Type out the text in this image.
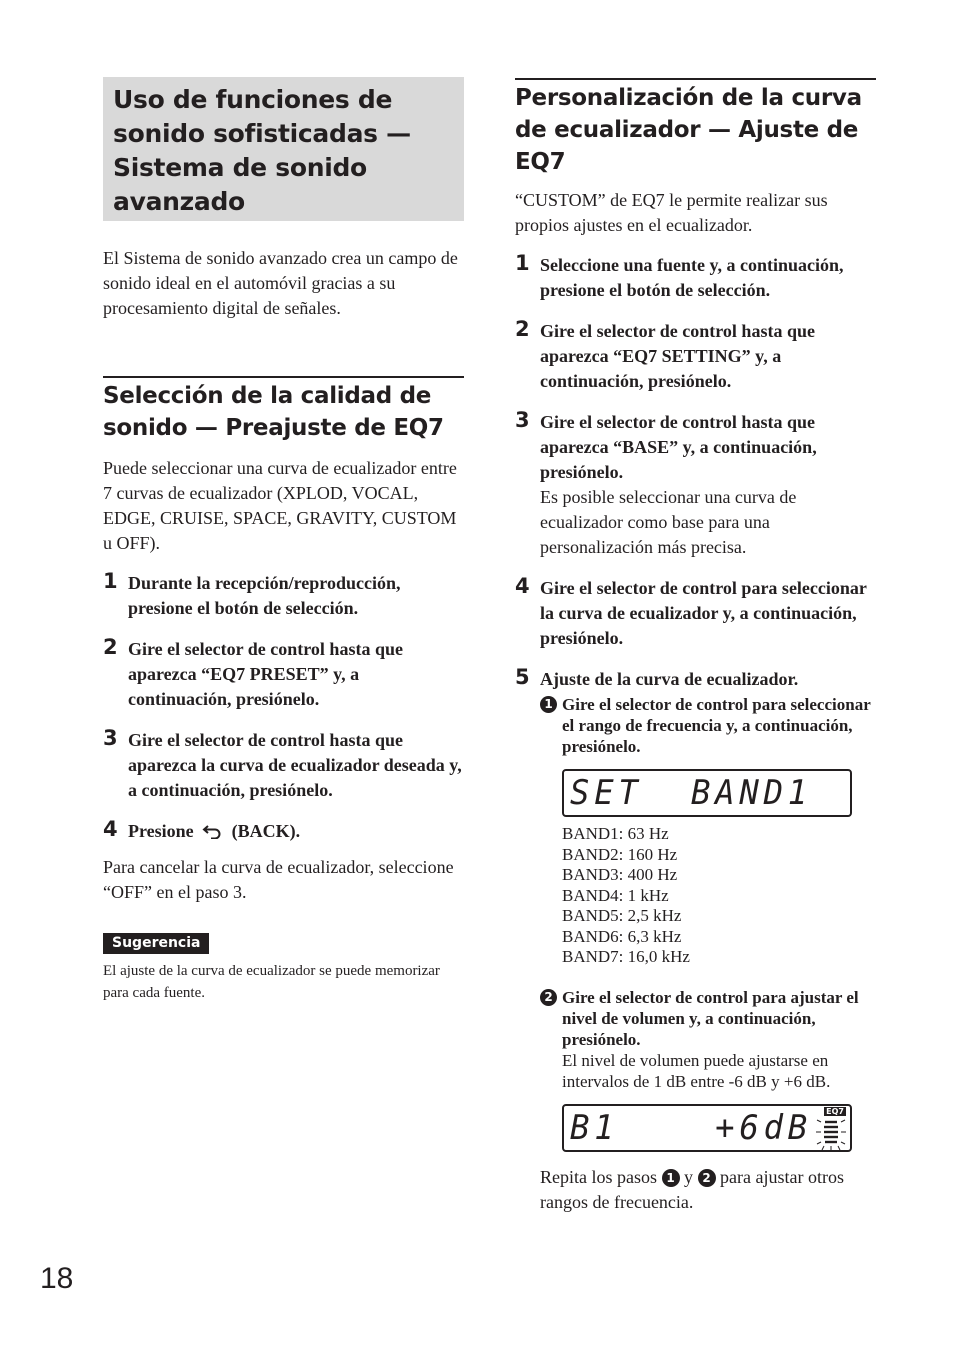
Uso de funciones de sonido sofisticadas — Sistema de sonido avanzado

El Sistema de sonido avanzado crea un campo de sonido ideal en el automóvil gracias a su procesamiento digital de señales.

Selección de la calidad de sonido — Preajuste de EQ7

Puede seleccionar una curva de ecualizador entre 7 curvas de ecualizador (XPLOD, VOCAL, EDGE, CRUISE, SPACE, GRAVITY, CUSTOM u OFF).

1 Durante la recepción/reproducción, presione el botón de selección.
2 Gire el selector de control hasta que aparezca “EQ7 PRESET” y, a continuación, presiónelo.
3 Gire el selector de control hasta que aparezca la curva de ecualizador deseada y, a continuación, presiónelo.
4 Presione (BACK).

Para cancelar la curva de ecualizador, seleccione “OFF” en el paso 3.

Sugerencia

El ajuste de la curva de ecualizador se puede memorizar para cada fuente.

Personalización de la curva de ecualizador — Ajuste de EQ7

“CUSTOM” de EQ7 le permite realizar sus propios ajustes en el ecualizador.

1 Seleccione una fuente y, a continuación, presione el botón de selección.
2 Gire el selector de control hasta que aparezca “EQ7 SETTING” y, a continuación, presiónelo.
3 Gire el selector de control hasta que aparezca “BASE” y, a continuación, presiónelo.
Es posible seleccionar una curva de ecualizador como base para una personalización más precisa.
4 Gire el selector de control para seleccionar la curva de ecualizador y, a continuación, presiónelo.
5 Ajuste de la curva de ecualizador.
1 Gire el selector de control para seleccionar el rango de frecuencia y, a continuación, presiónelo.
SET  BAND1
BAND1: 63 Hz
BAND2: 160 Hz
BAND3: 400 Hz
BAND4: 1 kHz
BAND5: 2,5 kHz
BAND6: 6,3 kHz
BAND7: 16,0 kHz
2 Gire el selector de control para ajustar el nivel de volumen y, a continuación, presiónelo.
El nivel de volumen puede ajustarse en intervalos de 1 dB entre -6 dB y +6 dB.
B1    +6dB EQ7
Repita los pasos 1 y 2 para ajustar otros rangos de frecuencia.
18
